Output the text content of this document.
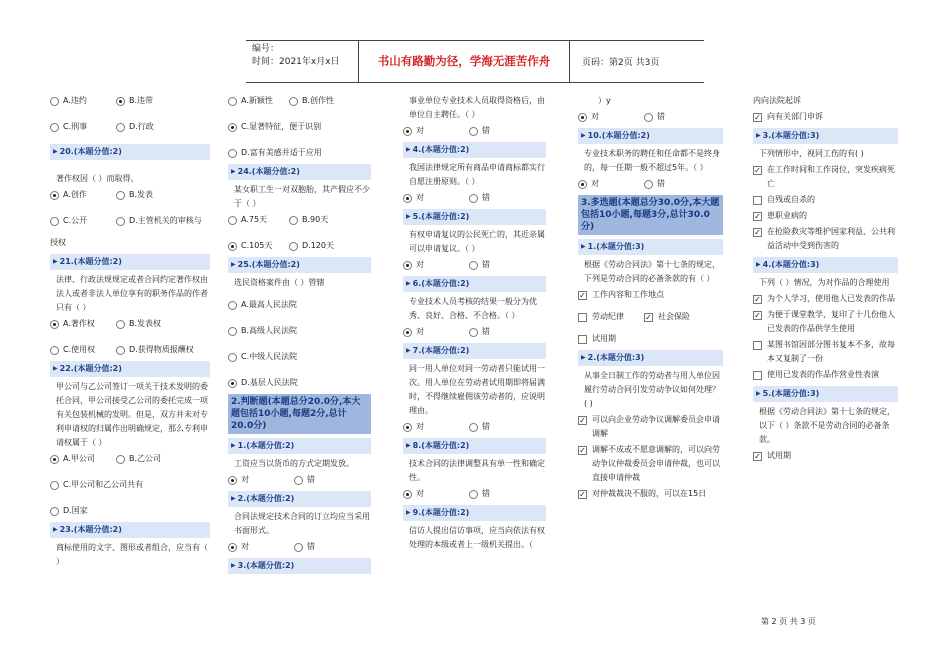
编号：
时间：2021年x月x日	书山有路勤为径，学海无涯苦作舟	页码：第2页 共3页
A.违约	B.违带
C.刑事	D.行政
▶ 20.(本题分值:2)
著作权因（ ）而取得。
A.创作	B.发表
C.公开	D.主管机关的审核与
授权
▶ 21.(本题分值:2)
法律、行政法规规定或者合同约定著作权由法人或者非法人单位享有的职务作品的作者只有（ ）
A.著作权	B.发表权
C.使用权	D.获得物质报酬权
▶ 22.(本题分值:2)
甲公司与乙公司签订一项关于技术发明的委托合同，甲公司接受乙公司的委托完成一项有关包装机械的发明。但是，双方并未对专利申请权的归属作出明确规定，那么专利申请权属于（ ）
A.甲公司	B.乙公司
C.甲公司和乙公司共有
D.国家
▶ 23.(本题分值:2)
商标使用的文字、图形或者组合，应当有（ ）
A.新颖性	B.创作性
C.显著特征，便于识别
D.富有美感并适于应用
▶ 24.(本题分值:2)
某女职工生一对双胞胎，其产假应不少于（ ）
A.75天	B.90天
C.105天	D.120天
▶ 25.(本题分值:2)
选民资格案件由（ ）管辖
A.最高人民法院
B.高级人民法院
C.中级人民法院
D.基层人民法院
2.判断题(本题总分20.0分,本大题包括10小题,每题2分,总计20.0分)
▶ 1.(本题分值:2)
工资应当以货币的方式定期发放。
对	错
▶ 2.(本题分值:2)
合同法规定技术合同的订立均应当采用书面形式。
对	错
▶ 3.(本题分值:2)
事业单位专业技术人员取得资格后，由单位自主聘任。（ ）
对	错
▶ 4.(本题分值:2)
我国法律规定所有商品申请商标都实行自愿注册原则。（ ）
对	错
▶ 5.(本题分值:2)
有权申请复议的公民死亡的，其近亲属可以申请复议。（ ）
对	错
▶ 6.(本题分值:2)
专业技术人员考核的结果一般分为优秀、良好、合格、不合格。（ ）
对	错
▶ 7.(本题分值:2)
同一用人单位对同一劳动者只能试用一次。用人单位在劳动者试用期即将届满时，不得继续雇佣该劳动者的，应说明理由。
对	错
▶ 8.(本题分值:2)
技术合同的法律调整具有单一性和确定性。
对	错
▶ 9.(本题分值:2)
信访人提出信访事项，应当向依法有权处理的本级或者上一级机关提出。（
）y
对	错
▶ 10.(本题分值:2)
专业技术职务的聘任和任命都不是终身的，每一任期一般不超过5年。（ ）
对	错
3.多选题(本题总分30.0分,本大题包括10小题,每题3分,总计30.0分)
▶ 1.(本题分值:3)
根据《劳动合同法》第十七条的规定，下列是劳动合同的必备条款的有（ ）
✓ 工作内容和工作地点
劳动纪律	✓ 社会保险
试用期
▶ 2.(本题分值:3)
从事全日制工作的劳动者与用人单位因履行劳动合同引发劳动争议如何处理？( )
✓ 可以向企业劳动争议调解委员会申请调解
✓ 调解不成或不愿意调解的，可以向劳动争议仲裁委员会申请仲裁，也可以直接申请仲裁
✓ 对仲裁裁决不服的，可以在15日
内向法院起诉
✓ 向有关部门申诉
▶ 3.(本题分值:3)
下列情形中，视同工伤的有( )
✓ 在工作时间和工作岗位，突发疾病死亡
自残或自杀的
✓ 患职业病的
✓ 在抢险救灾等维护国家利益、公共利益活动中受到伤害的
▶ 4.(本题分值:3)
下列（ ）情况，为对作品的合理使用
✓ 为个人学习，使用他人已发表的作品
✓ 为便于课堂教学，复印了十几份他人已发表的作品供学生使用
某图书馆因部分图书复本不多，故每本又复制了一份
使用已发表的作品作营业性表演
▶ 5.(本题分值:3)
根据《劳动合同法》第十七条的规定，以下（ ）条款不是劳动合同的必备条款。
✓ 试用期
第 2 页 共 3 页
